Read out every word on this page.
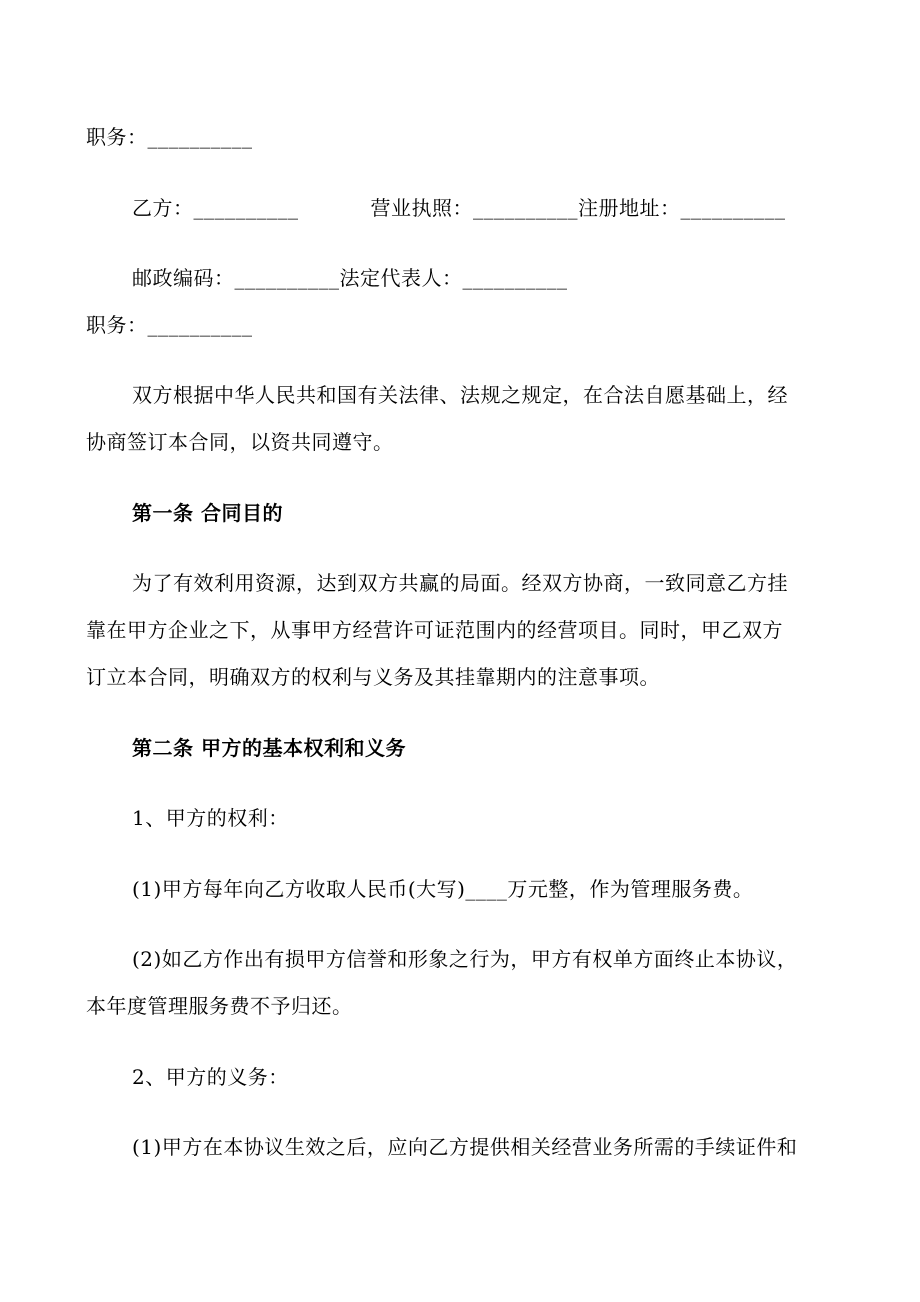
职务：__________
乙方：__________	营业执照：__________注册地址：__________
邮政编码：__________法定代表人：__________
职务：__________
双方根据中华人民共和国有关法律、法规之规定，在合法自愿基础上，经
协商签订本合同，以资共同遵守。
第一条 合同目的
为了有效利用资源，达到双方共赢的局面。经双方协商，一致同意乙方挂
靠在甲方企业之下，从事甲方经营许可证范围内的经营项目。同时，甲乙双方
订立本合同，明确双方的权利与义务及其挂靠期内的注意事项。
第二条 甲方的基本权利和义务
1、甲方的权利：
(1)甲方每年向乙方收取人民币(大写)____万元整，作为管理服务费。
(2)如乙方作出有损甲方信誉和形象之行为，甲方有权单方面终止本协议，
本年度管理服务费不予归还。
2、甲方的义务：
(1)甲方在本协议生效之后，应向乙方提供相关经营业务所需的手续证件和
